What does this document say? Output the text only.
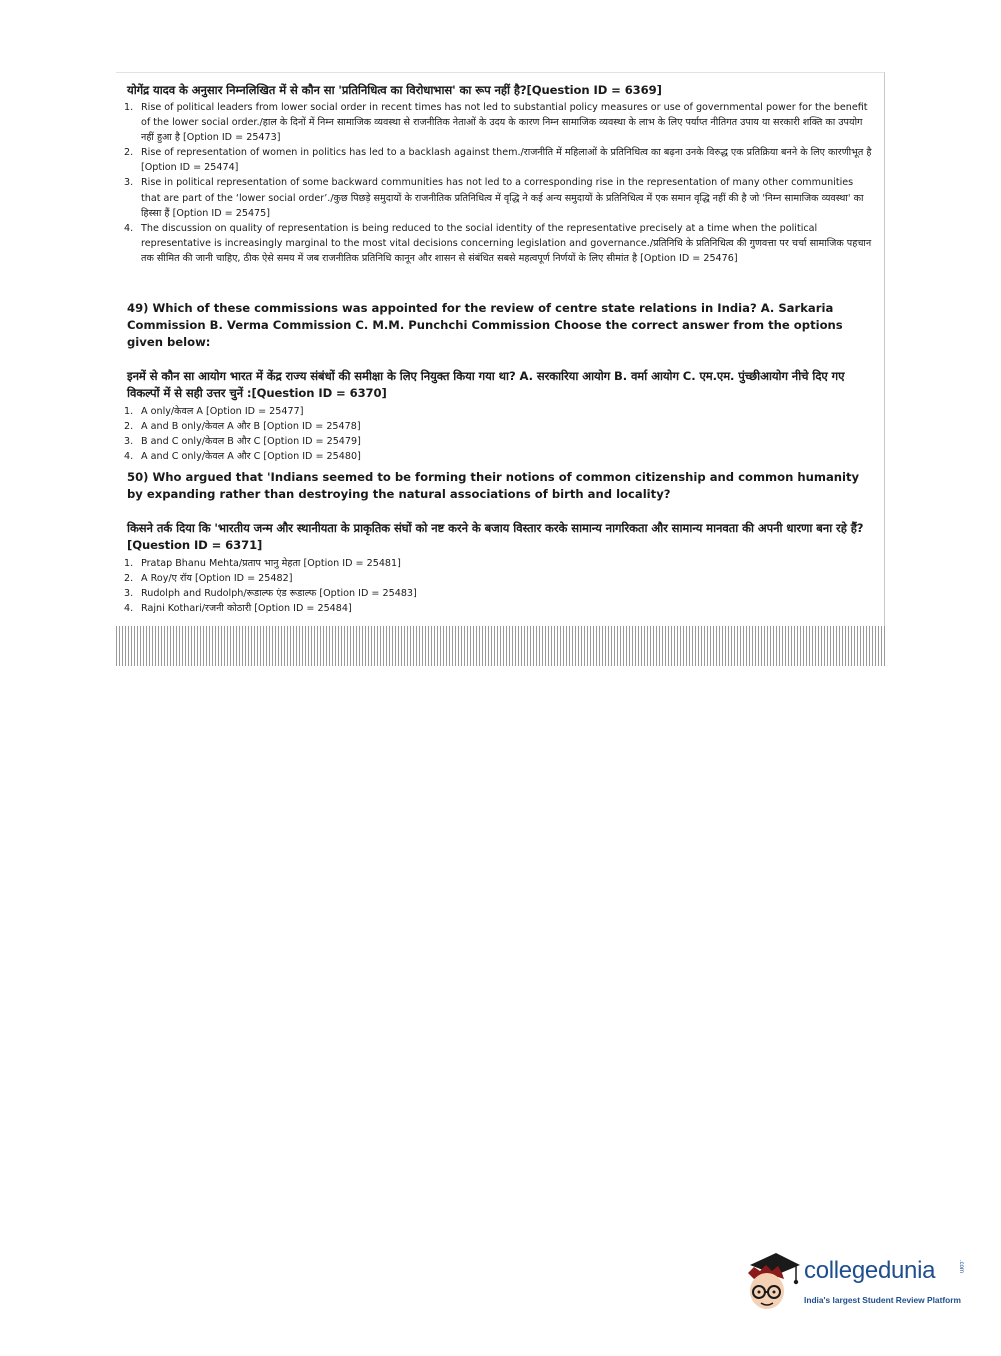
योगेंद्र यादव के अनुसार निम्नलिखित में से कौन सा 'प्रतिनिधित्व का विरोधाभास' का रूप नहीं है?[Question ID = 6369]

1. Rise of political leaders from lower social order in recent times has not led to substantial policy measures or use of governmental power for the benefit of the lower social order./हाल के दिनों में निम्न सामाजिक व्यवस्था से राजनीतिक नेताओं के उदय के कारण निम्न सामाजिक व्यवस्था के लाभ के लिए पर्याप्त नीतिगत उपाय या सरकारी शक्ति का उपयोग नहीं हुआ है [Option ID = 25473]
2. Rise of representation of women in politics has led to a backlash against them./राजनीति में महिलाओं के प्रतिनिधित्व का बढ़ना उनके विरुद्ध एक प्रतिक्रिया बनने के लिए कारणीभूत है [Option ID = 25474]
3. Rise in political representation of some backward communities has not led to a corresponding rise in the representation of many other communities that are part of the ‘lower social order’./कुछ पिछड़े समुदायों के राजनीतिक प्रतिनिधित्व में वृद्धि ने कई अन्य समुदायों के प्रतिनिधित्व में एक समान वृद्धि नहीं की है जो 'निम्न सामाजिक व्यवस्था' का हिस्सा हैं [Option ID = 25475]
4. The discussion on quality of representation is being reduced to the social identity of the representative precisely at a time when the political representative is increasingly marginal to the most vital decisions concerning legislation and governance./प्रतिनिधि के प्रतिनिधित्व की गुणवत्ता पर चर्चा सामाजिक पहचान तक सीमित की जानी चाहिए, ठीक ऐसे समय में जब राजनीतिक प्रतिनिधि कानून और शासन से संबंधित सबसे महत्वपूर्ण निर्णयों के लिए सीमांत है [Option ID = 25476]

49) Which of these commissions was appointed for the review of centre state relations in India? A. Sarkaria Commission B. Verma Commission C. M.M. Punchchi Commission Choose the correct answer from the options given below:

इनमें से कौन सा आयोग भारत में केंद्र राज्य संबंधों की समीक्षा के लिए नियुक्त किया गया था? A. सरकारिया आयोग B. वर्मा आयोग C. एम.एम. पुंच्छीआयोग नीचे दिए गए विकल्पों में से सही उत्तर चुनें :[Question ID = 6370]

1. A only/केवल A [Option ID = 25477]
2. A and B only/केवल A और B [Option ID = 25478]
3. B and C only/केवल B और C [Option ID = 25479]
4. A and C only/केवल A और C [Option ID = 25480]

50) Who argued that 'Indians seemed to be forming their notions of common citizenship and common humanity by expanding rather than destroying the natural associations of birth and locality?

किसने तर्क दिया कि 'भारतीय जन्म और स्थानीयता के प्राकृतिक संघों को नष्ट करने के बजाय विस्तार करके सामान्य नागरिकता और सामान्य मानवता की अपनी धारणा बना रहे हैं?[Question ID = 6371]

1. Pratap Bhanu Mehta/प्रताप भानु मेहता [Option ID = 25481]
2. A Roy/ए रॉय [Option ID = 25482]
3. Rudolph and Rudolph/रूडाल्फ एंड रूडाल्फ [Option ID = 25483]
4. Rajni Kothari/रजनी कोठारी [Option ID = 25484]
collegedunia	.com
India's largest Student Review Platform
